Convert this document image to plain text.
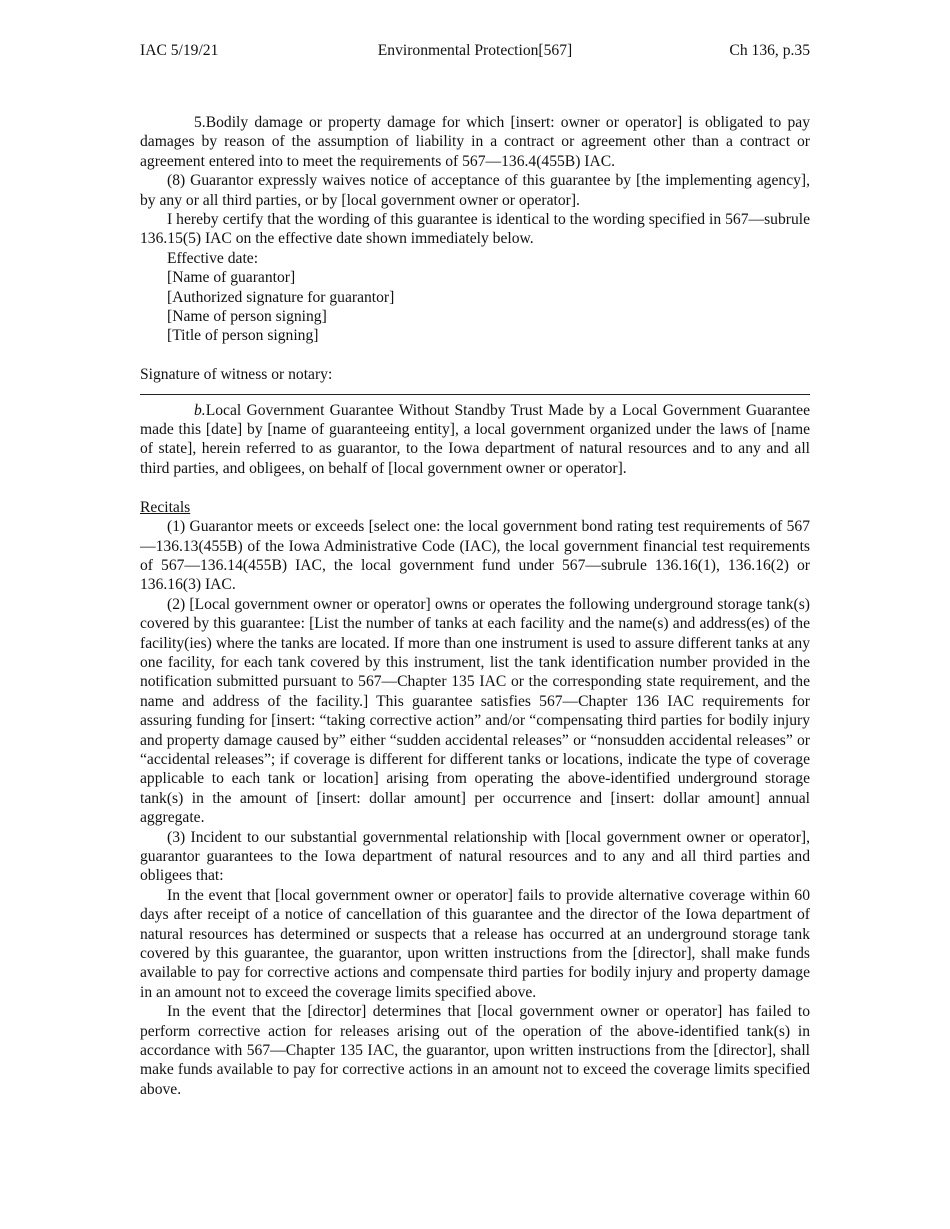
IAC 5/19/21	Environmental Protection[567]	Ch 136, p.35

5.Bodily damage or property damage for which [insert: owner or operator] is obligated to pay damages by reason of the assumption of liability in a contract or agreement other than a contract or agreement entered into to meet the requirements of 567—136.4(455B) IAC.

(8) Guarantor expressly waives notice of acceptance of this guarantee by [the implementing agency], by any or all third parties, or by [local government owner or operator].

I hereby certify that the wording of this guarantee is identical to the wording specified in 567—subrule 136.15(5) IAC on the effective date shown immediately below.

Effective date:
[Name of guarantor]
[Authorized signature for guarantor]
[Name of person signing]
[Title of person signing]

Signature of witness or notary:

b.Local Government Guarantee Without Standby Trust Made by a Local Government Guarantee made this [date] by [name of guaranteeing entity], a local government organized under the laws of [name of state], herein referred to as guarantor, to the Iowa department of natural resources and to any and all third parties, and obligees, on behalf of [local government owner or operator].

Recitals

(1) Guarantor meets or exceeds [select one: the local government bond rating test requirements of 567—136.13(455B) of the Iowa Administrative Code (IAC), the local government financial test requirements of 567—136.14(455B) IAC, the local government fund under 567—subrule 136.16(1), 136.16(2) or 136.16(3) IAC.

(2) [Local government owner or operator] owns or operates the following underground storage tank(s) covered by this guarantee: [List the number of tanks at each facility and the name(s) and address(es) of the facility(ies) where the tanks are located. If more than one instrument is used to assure different tanks at any one facility, for each tank covered by this instrument, list the tank identification number provided in the notification submitted pursuant to 567—Chapter 135 IAC or the corresponding state requirement, and the name and address of the facility.] This guarantee satisfies 567—Chapter 136 IAC requirements for assuring funding for [insert: “taking corrective action” and/or “compensating third parties for bodily injury and property damage caused by” either “sudden accidental releases” or “nonsudden accidental releases” or “accidental releases”; if coverage is different for different tanks or locations, indicate the type of coverage applicable to each tank or location] arising from operating the above-identified underground storage tank(s) in the amount of [insert: dollar amount] per occurrence and [insert: dollar amount] annual aggregate.

(3) Incident to our substantial governmental relationship with [local government owner or operator], guarantor guarantees to the Iowa department of natural resources and to any and all third parties and obligees that:

In the event that [local government owner or operator] fails to provide alternative coverage within 60 days after receipt of a notice of cancellation of this guarantee and the director of the Iowa department of natural resources has determined or suspects that a release has occurred at an underground storage tank covered by this guarantee, the guarantor, upon written instructions from the [director], shall make funds available to pay for corrective actions and compensate third parties for bodily injury and property damage in an amount not to exceed the coverage limits specified above.

In the event that the [director] determines that [local government owner or operator] has failed to perform corrective action for releases arising out of the operation of the above-identified tank(s) in accordance with 567—Chapter 135 IAC, the guarantor, upon written instructions from the [director], shall make funds available to pay for corrective actions in an amount not to exceed the coverage limits specified above.
